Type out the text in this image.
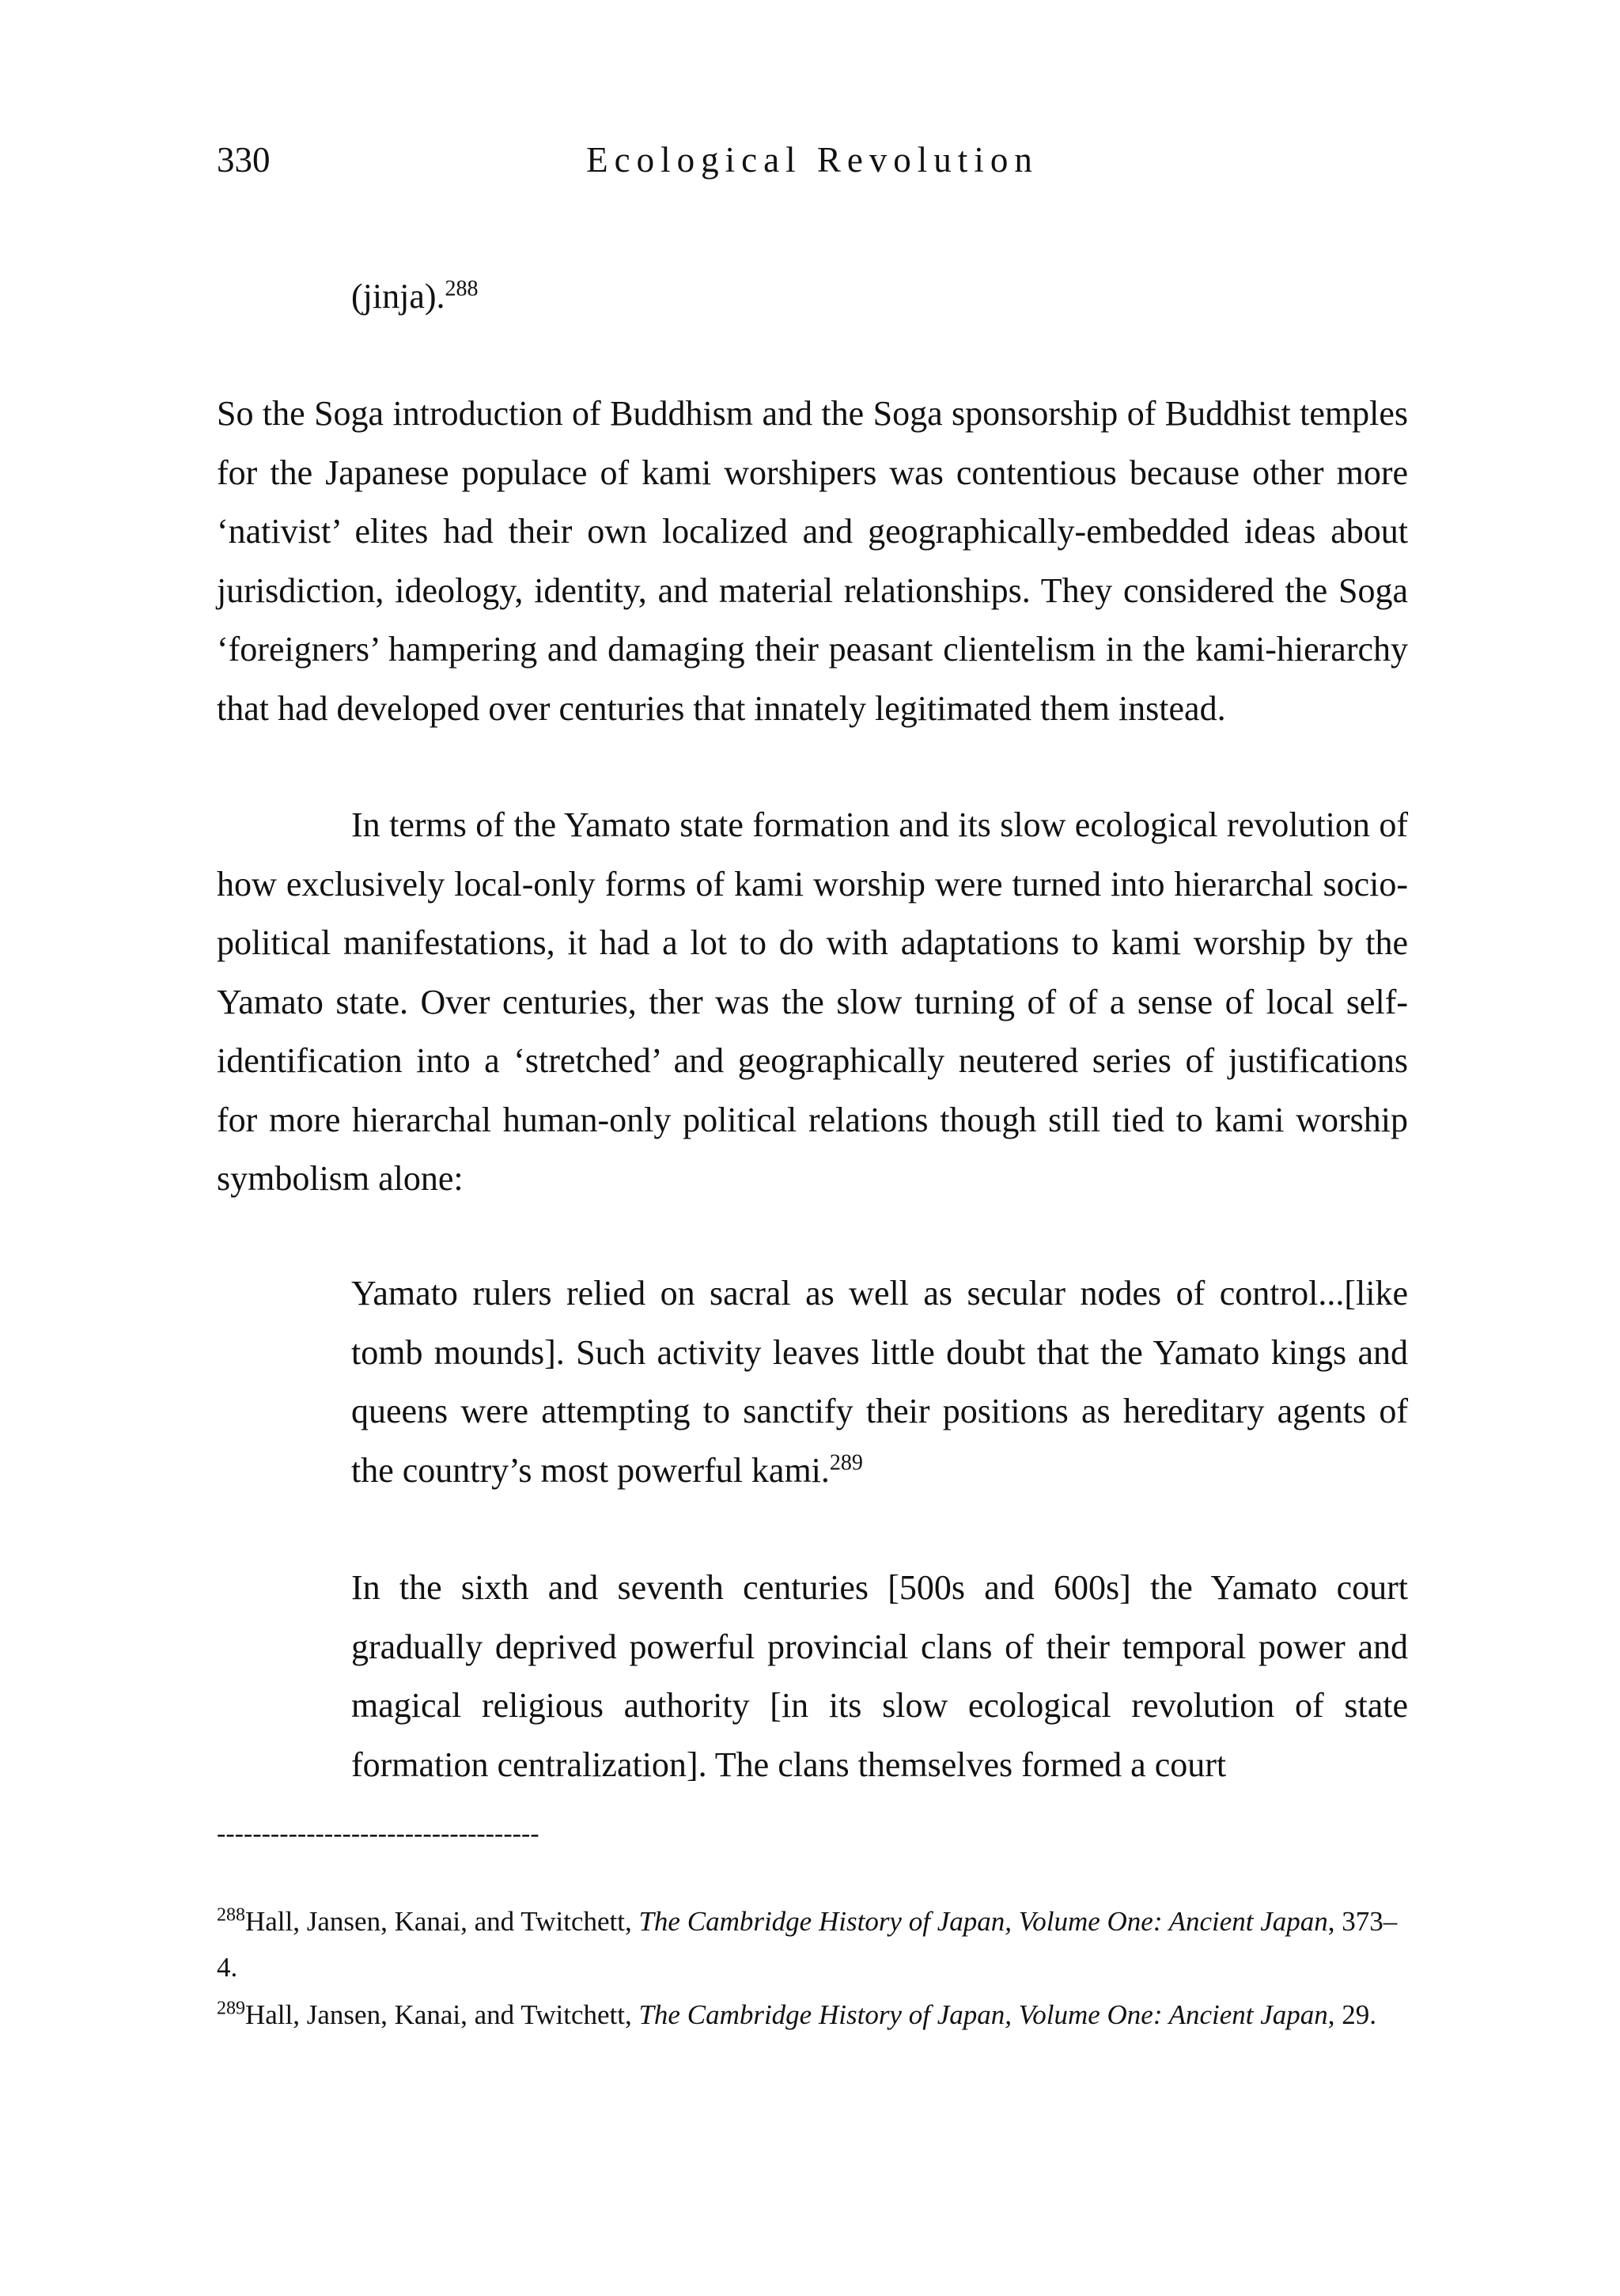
330	Ecological Revolution
(jinja).$^{288}$

So the Soga introduction of Buddhism and the Soga sponsorship of Buddhist temples for the Japanese populace of kami worshipers was contentious because other more ‘nativist’ elites had their own localized and geographically-embedded ideas about jurisdiction, ideology, identity, and material relationships. They considered the Soga ‘foreigners’ hampering and damaging their peasant clientelism in the kami-hierarchy that had developed over centuries that innately legitimated them instead.

In terms of the Yamato state formation and its slow ecological revolution of how exclusively local-only forms of kami worship were turned into hierarchal socio-political manifestations, it had a lot to do with adaptations to kami worship by the Yamato state. Over centuries, ther was the slow turning of of a sense of local self-identification into a ‘stretched’ and geographically neutered series of justifications for more hierarchal human-only political relations though still tied to kami worship symbolism alone:

Yamato rulers relied on sacral as well as secular nodes of control...[like tomb mounds]. Such activity leaves little doubt that the Yamato kings and queens were attempting to sanctify their positions as hereditary agents of the country’s most powerful kami.$^{289}$
In the sixth and seventh centuries [500s and 600s] the Yamato court gradually deprived powerful provincial clans of their temporal power and magical religious authority [in its slow ecological revolution of state formation centralization]. The clans themselves formed a court
------------------------------------
$^{288}$Hall, Jansen, Kanai, and Twitchett, The Cambridge History of Japan, Volume One: Ancient Japan, 373–4.
$^{289}$Hall, Jansen, Kanai, and Twitchett, The Cambridge History of Japan, Volume One: Ancient Japan, 29.
